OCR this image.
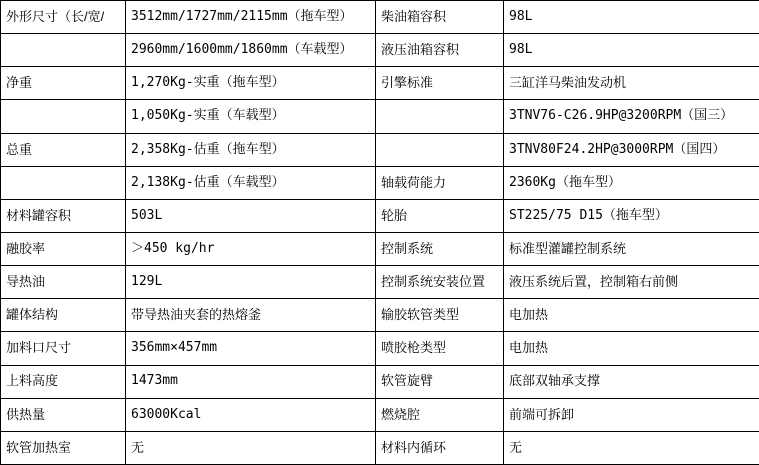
外形尺寸（长/宽/	3512mm/1727mm/2115mm（拖车型）	柴油箱容积	98L

	2960mm/1600mm/1860mm（车载型）	液压油箱容积	98L

净重	1,270Kg-实重（拖车型）	引擎标准	三缸洋马柴油发动机

	1,050Kg-实重（车载型）		3TNV76-C26.9HP@3200RPM（国三）

总重	2,358Kg-估重（拖车型）		3TNV80F24.2HP@3000RPM（国四）

	2,138Kg-估重（车载型）	轴载荷能力	2360Kg（拖车型）

材料罐容积	503L	轮胎	ST225/75 D15（拖车型）

融胶率	＞450 kg/hr	控制系统	标准型灌罐控制系统

导热油	129L	控制系统安装位置	液压系统后置，控制箱右前侧

罐体结构	带导热油夹套的热熔釜	输胶软管类型	电加热

加料口尺寸	356mm×457mm	喷胶枪类型	电加热

上料高度	1473mm	软管旋臂	底部双轴承支撑

供热量	63000Kcal	燃烧腔	前端可拆卸

软管加热室	无	材料内循环	无
